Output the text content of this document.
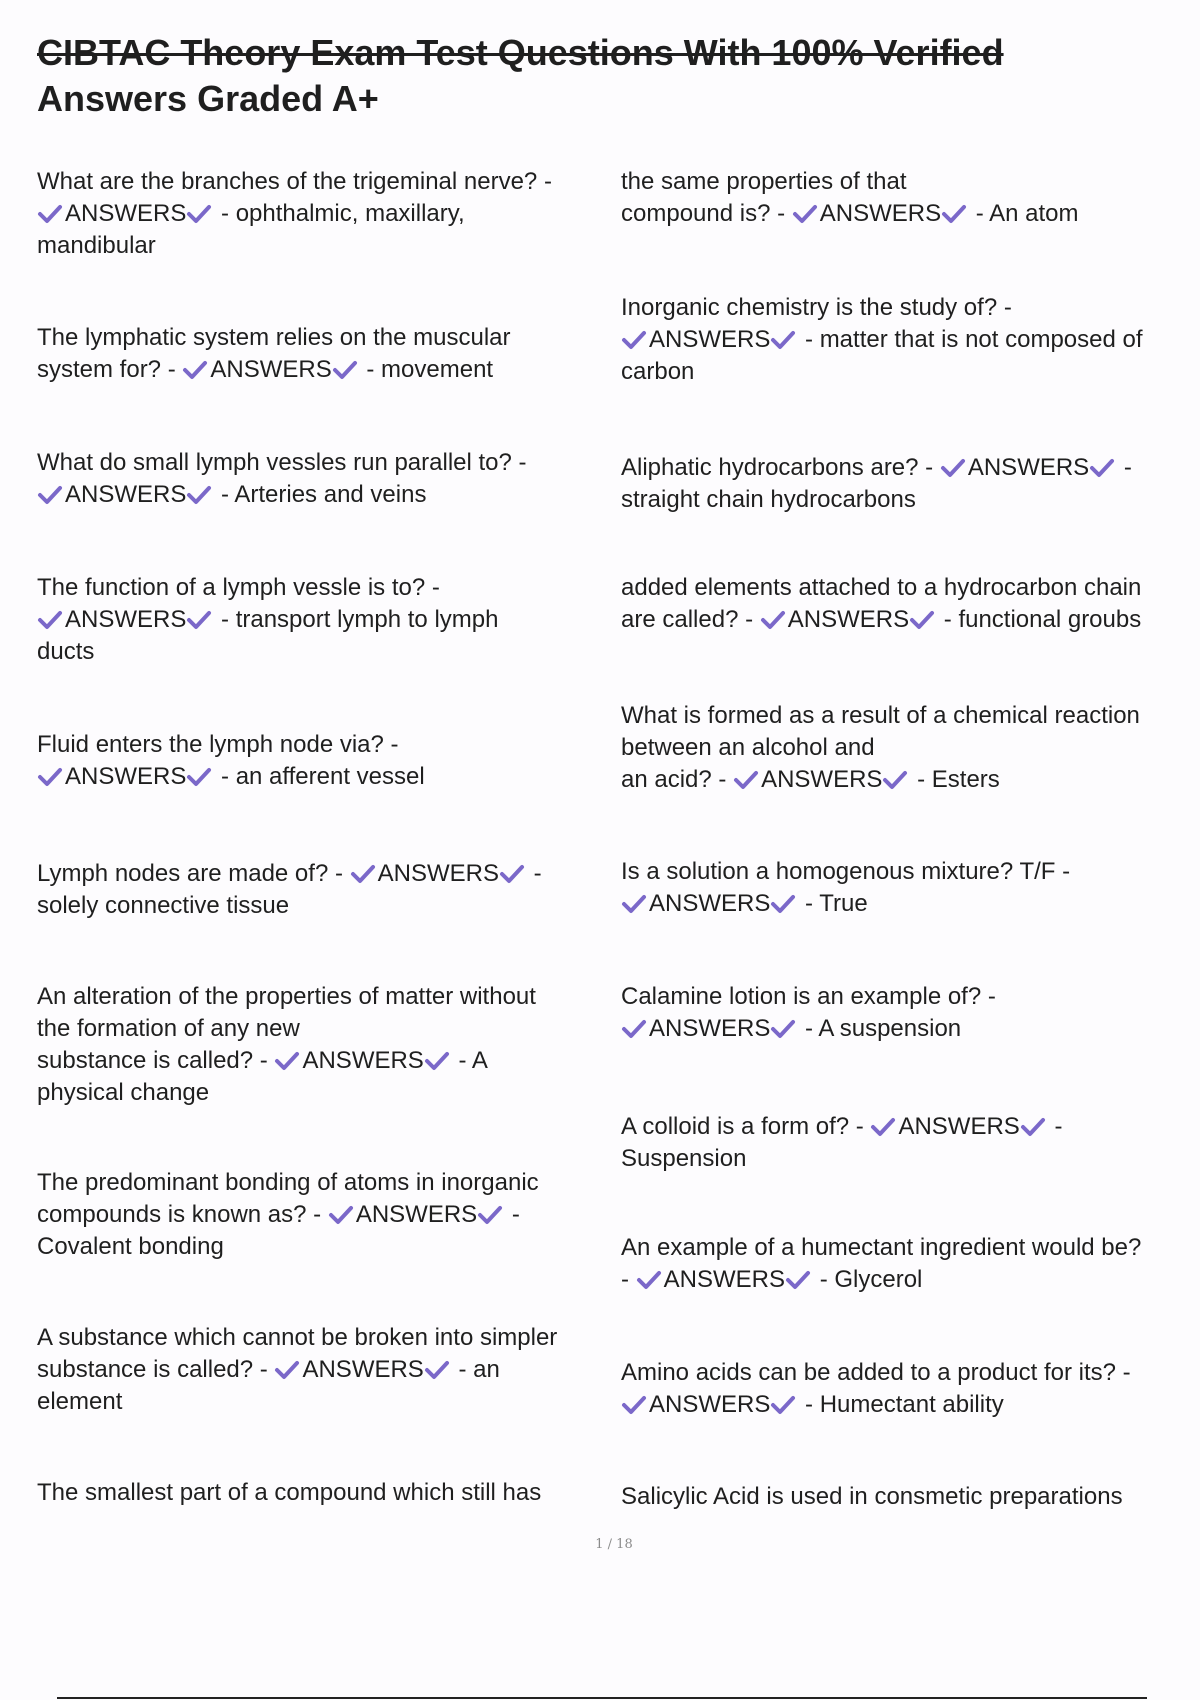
CIBTAC Theory Exam Test Questions With 100% Verified
Answers Graded A+
What are the branches of the trigeminal nerve? -
ANSWERS
- ophthalmic, maxillary,
mandibular
The lymphatic system relies on the muscular
system for? -
ANSWERS
- movement
What do small lymph vessles run parallel to? -
ANSWERS
- Arteries and veins
The function of a lymph vessle is to? -
ANSWERS
- transport lymph to lymph
ducts
Fluid enters the lymph node via? -
ANSWERS
- an afferent vessel
Lymph nodes are made of? -
ANSWERS
-
solely connective tissue
An alteration of the properties of matter without
the formation of any new
substance is called? -
ANSWERS
- A
physical change
The predominant bonding of atoms in inorganic
compounds is known as? -
ANSWERS
-
Covalent bonding
A substance which cannot be broken into simpler
substance is called? -
ANSWERS
- an
element
The smallest part of a compound which still has
the same properties of that
compound is? -
ANSWERS
- An atom
Inorganic chemistry is the study of? -
ANSWERS
- matter that is not composed of
carbon
Aliphatic hydrocarbons are? -
ANSWERS
-
straight chain hydrocarbons
added elements attached to a hydrocarbon chain
are called? -
ANSWERS
- functional groubs
What is formed as a result of a chemical reaction
between an alcohol and
an acid? -
ANSWERS
- Esters
Is a solution a homogenous mixture? T/F -
ANSWERS
- True
Calamine lotion is an example of? -
ANSWERS
- A suspension
A colloid is a form of? -
ANSWERS
-
Suspension
An example of a humectant ingredient would be?
-
ANSWERS
- Glycerol
Amino acids can be added to a product for its? -
ANSWERS
- Humectant ability
Salicylic Acid is used in consmetic preparations
1 / 18
